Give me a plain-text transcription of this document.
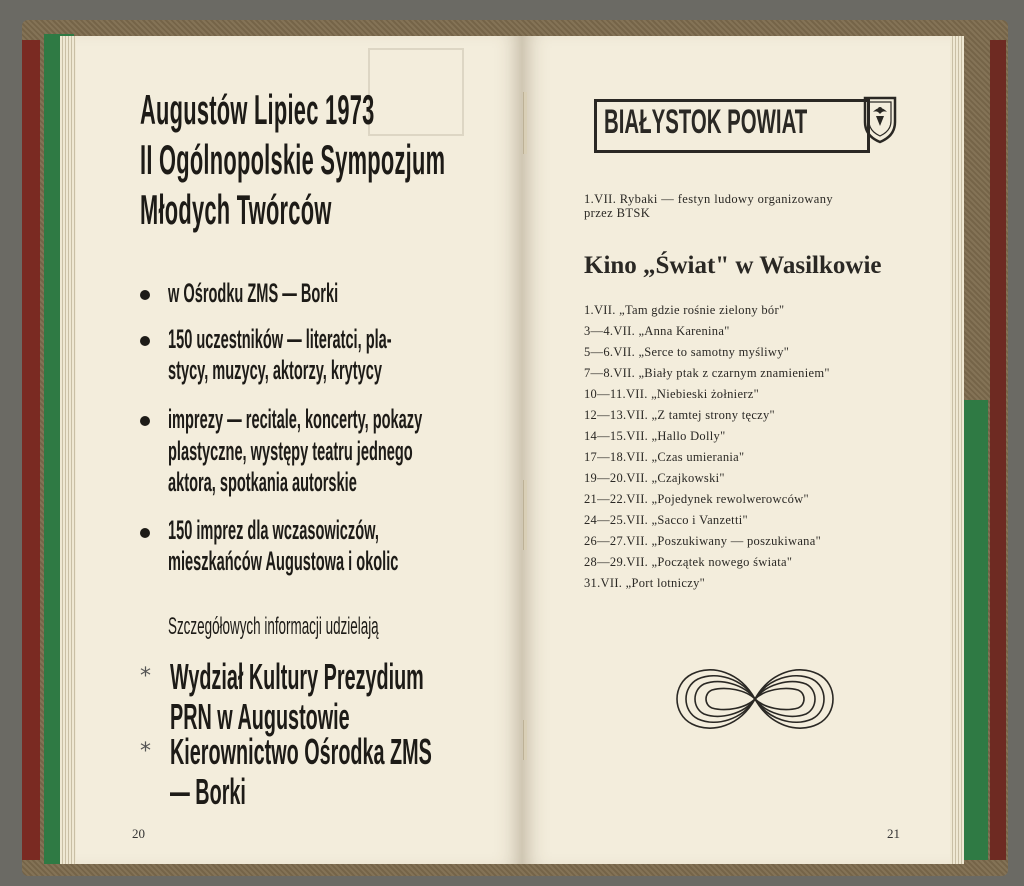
Augustów Lipiec 1973
II Ogólnopolskie Sympozjum
Młodych Twórców
w Ośrodku ZMS — Borki
150 uczestników — literatci, pla-
stycy, muzycy, aktorzy, krytycy
imprezy — recitale, koncerty, pokazy
plastyczne, występy teatru jednego
aktora, spotkania autorskie
150 imprez dla wczasowiczów,
mieszkańców Augustowa i okolic
Szczegółowych informacji udzielają
* Wydział Kultury Prezydium
PRN w Augustowie
* Kierownictwo Ośrodka ZMS
— Borki
20
BIAŁYSTOK POWIAT
1.VII. Rybaki — festyn ludowy organizowany
przez BTSK
Kino „Świat" w Wasilkowie
1.VII. „Tam gdzie rośnie zielony bór"
3—4.VII. „Anna Karenina"
5—6.VII. „Serce to samotny myśliwy"
7—8.VII. „Biały ptak z czarnym znamieniem"
10—11.VII. „Niebieski żołnierz"
12—13.VII. „Z tamtej strony tęczy"
14—15.VII. „Hallo Dolly"
17—18.VII. „Czas umierania"
19—20.VII. „Czajkowski"
21—22.VII. „Pojedynek rewolwerowców"
24—25.VII. „Sacco i Vanzetti"
26—27.VII. „Poszukiwany — poszukiwana"
28—29.VII. „Początek nowego świata"
31.VII. „Port lotniczy"
21
